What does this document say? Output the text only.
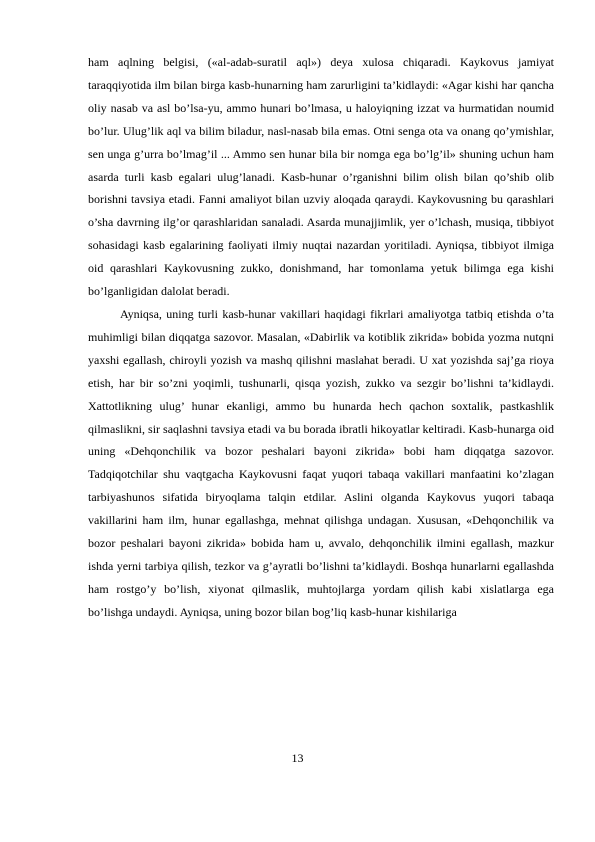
ham aqlning belgisi, («al-adab-suratil aql») deya xulosa chiqaradi. Kaykovus jamiyat taraqqiyotida ilm bilan birga kasb-hunarning ham zarurligini ta’kidlaydi: «Agar kishi har qancha oliy nasab va asl bo’lsa-yu, ammo hunari bo’lmasa, u haloyiqning izzat va hurmatidan noumid bo’lur. Ulug’lik aql va bilim biladur, nasl-nasab bila emas. Otni senga ota va onang qo’ymishlar, sen unga g’urra bo’lmag’il ... Ammo sen hunar bila bir nomga ega bo’lg’il» shuning uchun ham asarda turli kasb egalari ulug’lanadi. Kasb-hunar o’rganishni bilim olish bilan qo’shib olib borishni tavsiya etadi. Fanni amaliyot bilan uzviy aloqada qaraydi. Kaykovusning bu qarashlari o’sha davrning ilg’or qarashlaridan sanaladi. Asarda munajjimlik, yer o’lchash, musiqa, tibbiyot sohasidagi kasb egalarining faoliyati ilmiy nuqtai nazardan yoritiladi. Ayniqsa, tibbiyot ilmiga oid qarashlari Kaykovusning zukko, donishmand, har tomonlama yetuk bilimga ega kishi bo’lganligidan dalolat beradi.

Ayniqsa, uning turli kasb-hunar vakillari haqidagi fikrlari amaliyotga tatbiq etishda o’ta muhimligi bilan diqqatga sazovor. Masalan, «Dabirlik va kotiblik zikrida» bobida yozma nutqni yaxshi egallash, chiroyli yozish va mashq qilishni maslahat beradi. U xat yozishda saj’ga rioya etish, har bir so’zni yoqimli, tushunarli, qisqa yozish, zukko va sezgir bo’lishni ta’kidlaydi. Xattotlikning ulug’ hunar ekanligi, ammo bu hunarda hech qachon soxtalik, pastkashlik qilmaslikni, sir saqlashni tavsiya etadi va bu borada ibratli hikoyatlar keltiradi. Kasb-hunarga oid uning «Dehqonchilik va bozor peshalari bayoni zikrida» bobi ham diqqatga sazovor. Tadqiqotchilar shu vaqtgacha Kaykovusni faqat yuqori tabaqa vakillari manfaatini ko’zlagan tarbiyashunos sifatida biryoqlama talqin etdilar. Aslini olganda Kaykovus yuqori tabaqa vakillarini ham ilm, hunar egallashga, mehnat qilishga undagan. Xususan, «Dehqonchilik va bozor peshalari bayoni zikrida» bobida ham u, avvalo, dehqonchilik ilmini egallash, mazkur ishda yerni tarbiya qilish, tezkor va g’ayratli bo’lishni ta’kidlaydi. Boshqa hunarlarni egallashda ham rostgo’y bo’lish, xiyonat qilmaslik, muhtojlarga yordam qilish kabi xislatlarga ega bo’lishga undaydi. Ayniqsa, uning bozor bilan bog’liq kasb-hunar kishilariga

13
